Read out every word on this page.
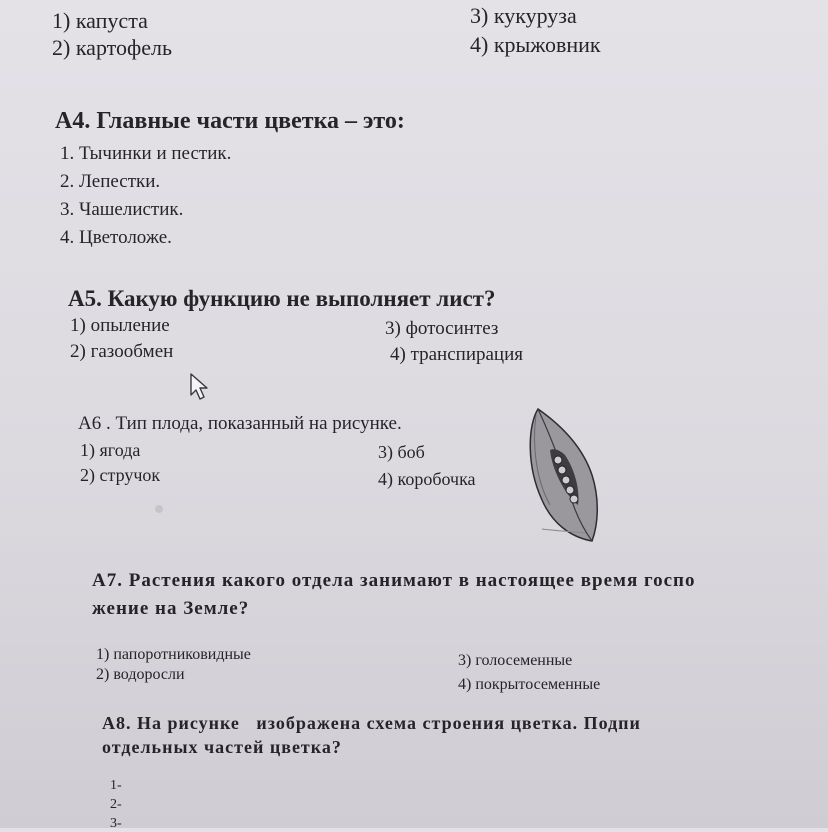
1) капуста
2) картофель
3) кукуруза
4) крыжовник
А4. Главные части цветка – это:
1. Тычинки и пестик.
2. Лепестки.
3. Чашелистик.
4. Цветоложе.
А5. Какую функцию не выполняет лист?
1) опыление
2) газообмен
3) фотосинтез
4) транспирация
А6 . Тип плода, показанный на рисунке.
1) ягода
2) стручок
3) боб
4) коробочка
А7. Растения какого отдела занимают в настоящее время госпо
жение на Земле?
1) папоротниковидные
2) водоросли
3) голосеменные
4) покрытосеменные
А8. На рисунке   изображена схема строения цветка. Подпи
отдельных частей цветка?
1-
2-
3-
